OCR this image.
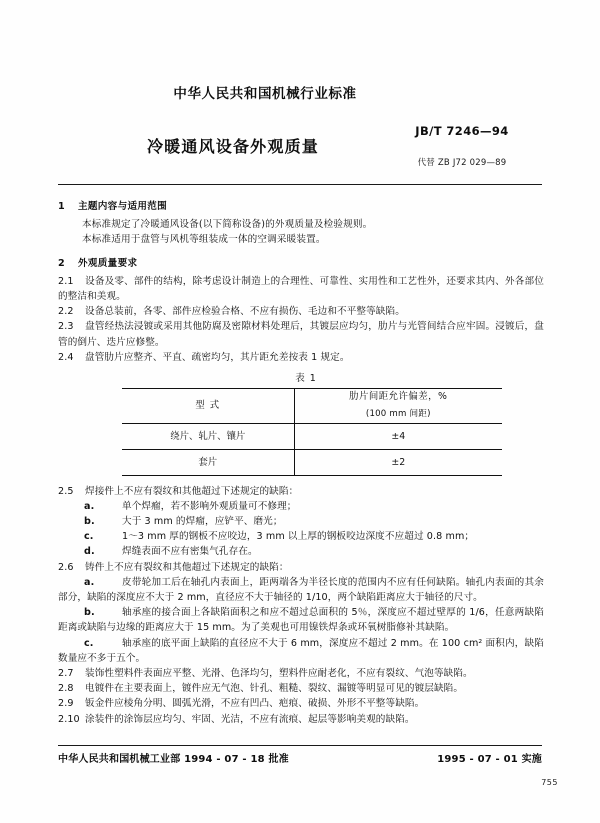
中华人民共和国机械行业标准
冷暖通风设备外观质量
JB/T 7246—94
代替 ZB J72 029—89
1 主题内容与适用范围
本标准规定了冷暖通风设备(以下简称设备)的外观质量及检验规则。
本标准适用于盘管与风机等组装成一体的空调采暖装置。
2 外观质量要求
2.1 设备及零、部件的结构，除考虑设计制造上的合理性、可靠性、实用性和工艺性外，还要求其内、外各部位的整洁和美观。
2.2 设备总装前，各零、部件应检验合格、不应有损伤、毛边和不平整等缺陷。
2.3 盘管经热法浸镀或采用其他防腐及密隙材料处理后，其镀层应均匀，肋片与光管间结合应牢固。浸镀后，盘管的倒片、迭片应修整。
2.4 盘管肋片应整齐、平直、疏密均匀，其片距允差按表 1 规定。
表 1
型 式	肋片间距允许偏差，%
(100 mm 间距)

绕片、轧片、镶片	±4
套片	±2
2.5 焊接件上不应有裂纹和其他超过下述规定的缺陷：
a.	单个焊瘤，若不影响外观质量可不修理；
b.	大于 3 mm 的焊瘤，应铲平、磨光；
c.	1～3 mm 厚的钢板不应咬边，3 mm 以上厚的钢板咬边深度不应超过 0.8 mm；
d.	焊缝表面不应有密集气孔存在。
2.6 铸件上不应有裂纹和其他超过下述规定的缺陷：
a.	皮带轮加工后在轴孔内表面上，距两端各为半径长度的范围内不应有任何缺陷。轴孔内表面的其余部分，缺陷的深度应不大于 2 mm，直径应不大于轴径的 1/10，两个缺陷距离应大于轴径的尺寸。
b.	轴承座的接合面上各缺陷面积之和应不超过总面积的 5％，深度应不超过壁厚的 1/6，任意两缺陷距离或缺陷与边缘的距离应大于 15 mm。为了美观也可用镍铁焊条或环氧树脂修补其缺陷。
c.	轴承座的底平面上缺陷的直径应不大于 6 mm，深度应不超过 2 mm。在 100 cm² 面积内，缺陷数量应不多于五个。
2.7 装饰性塑料件表面应平整、光滑、色泽均匀，塑料件应耐老化，不应有裂纹、气泡等缺陷。
2.8 电镀件在主要表面上，镀件应无气泡、针孔、粗糙、裂纹、漏镀等明显可见的镀层缺陷。
2.9 钣金件应棱角分明、圆弧光滑，不应有凹凸、疤痕、破损、外形不平整等缺陷。
2.10 涂装件的涂饰层应均匀、牢固、光洁，不应有流痕、起层等影响美观的缺陷。
中华人民共和国机械工业部 1994 - 07 - 18 批准	1995 - 07 - 01 实施
755
